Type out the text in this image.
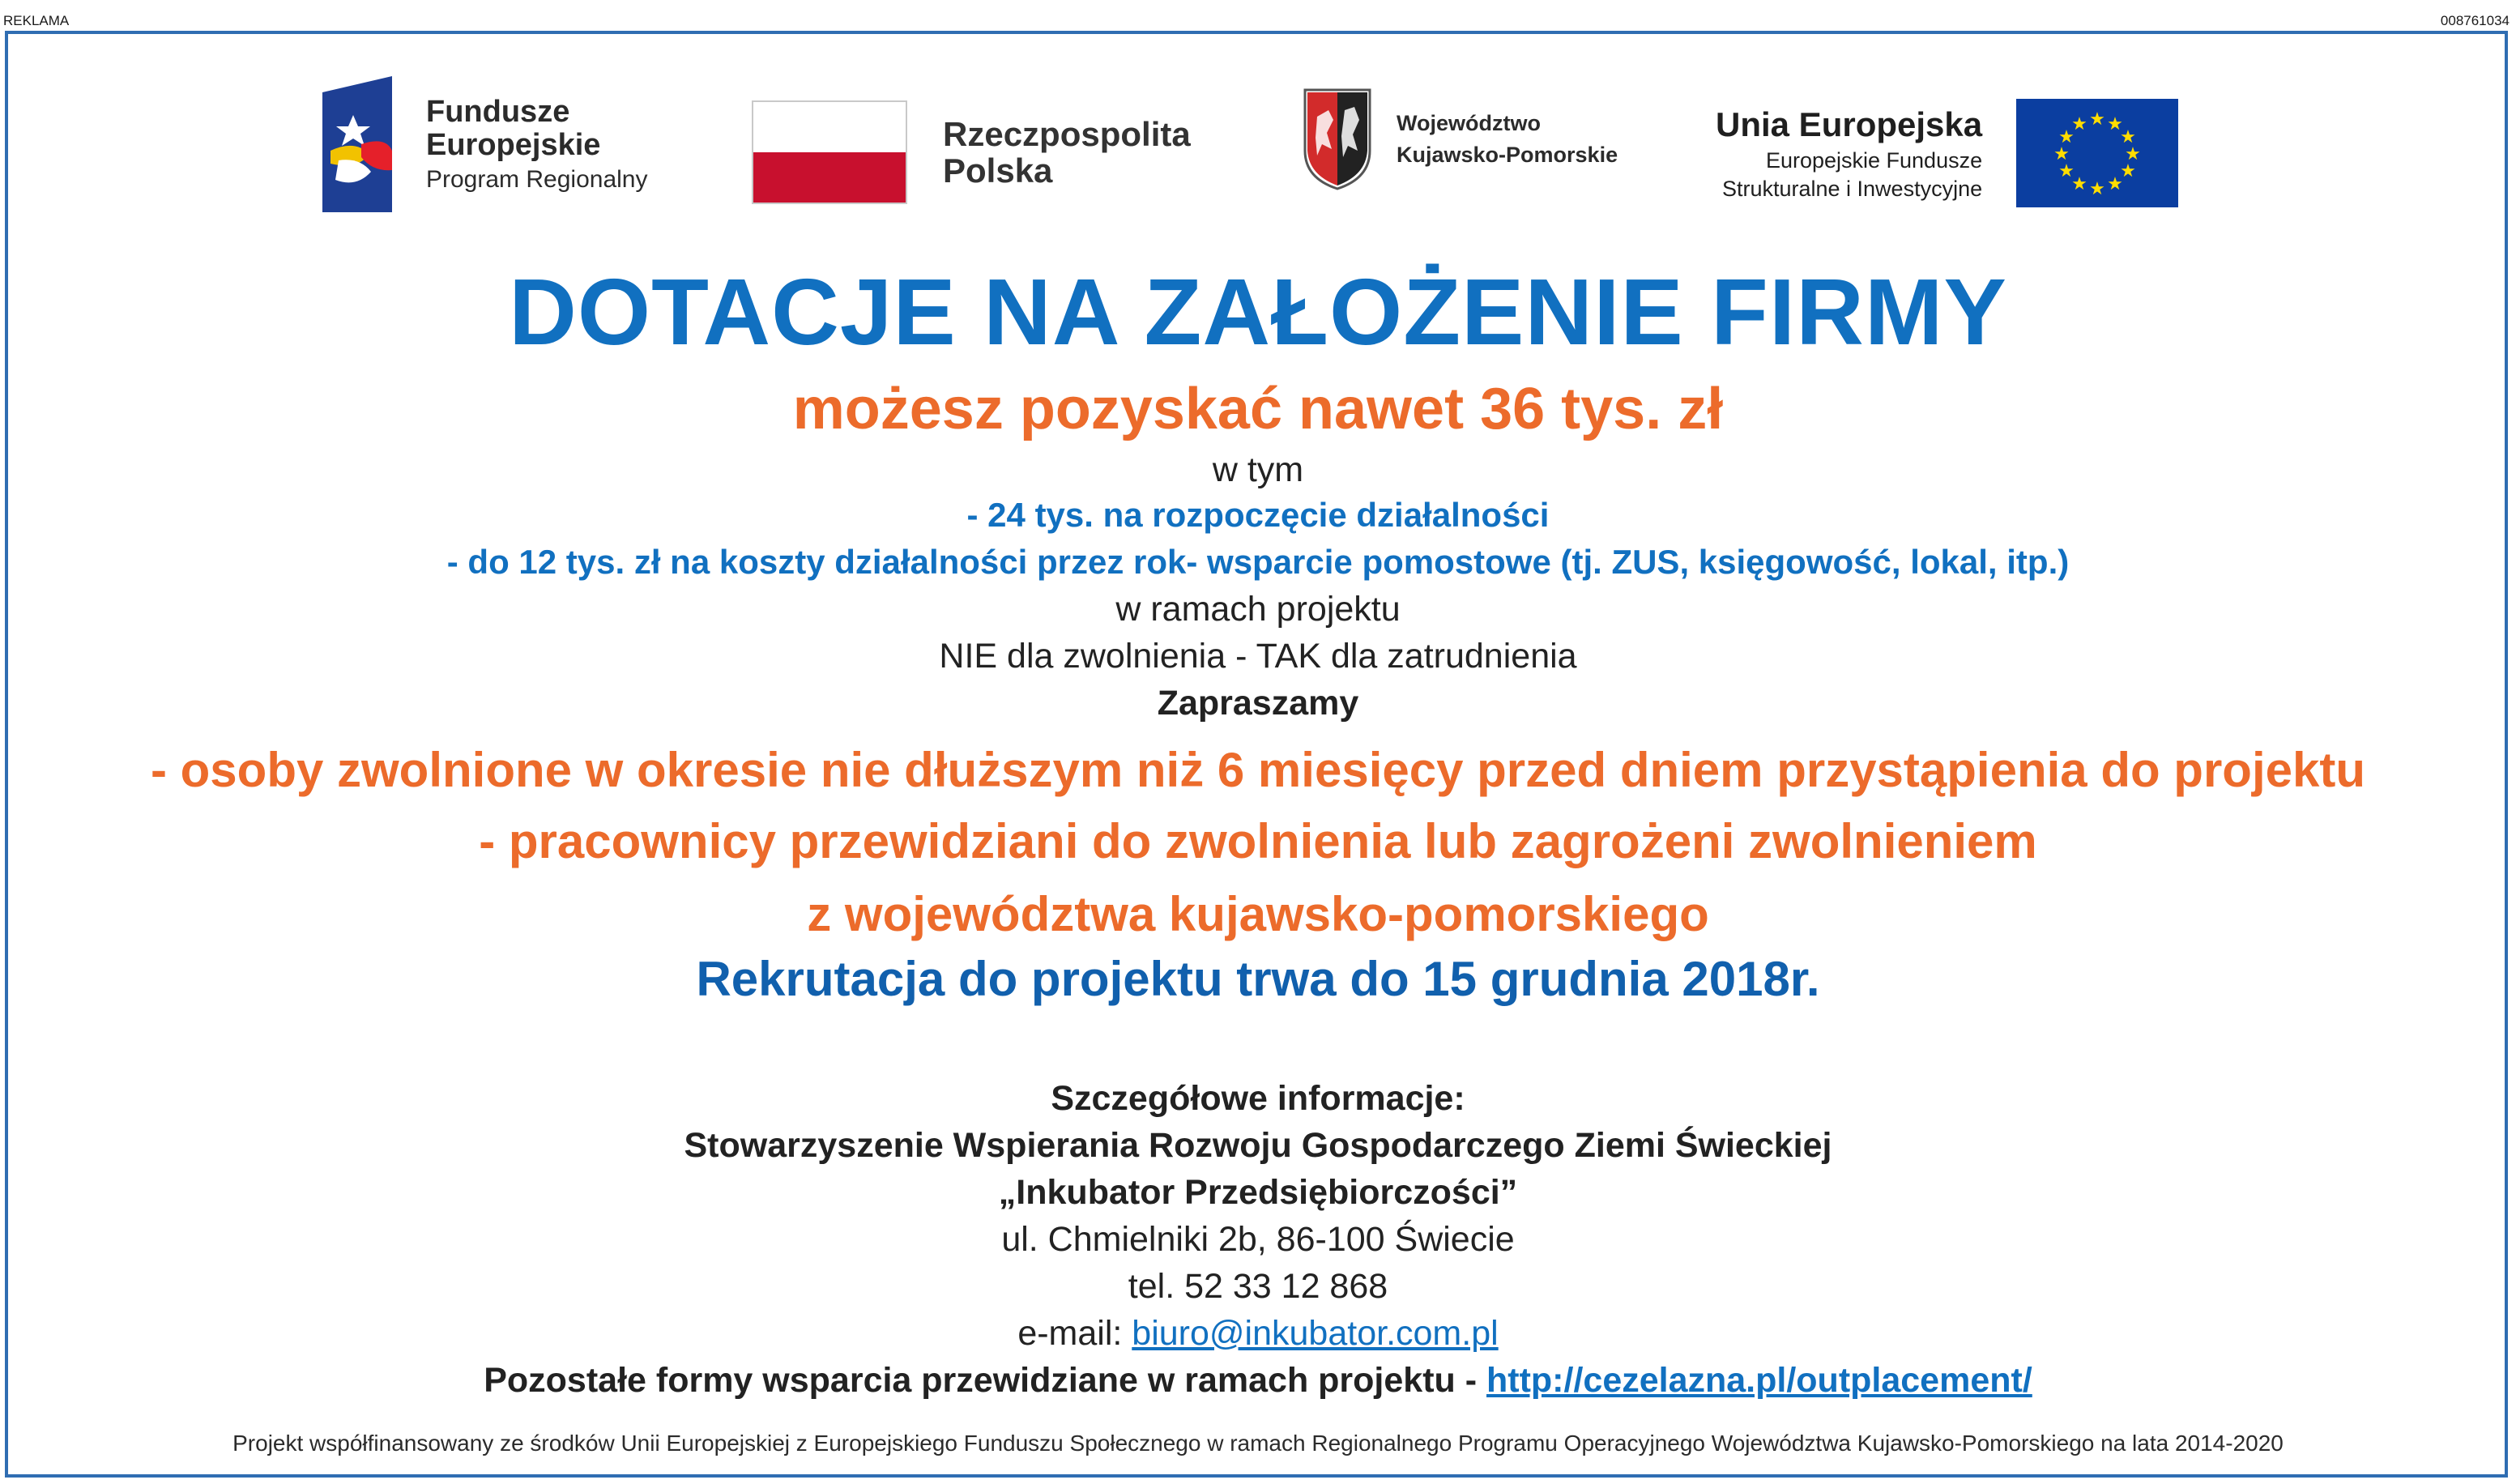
REKLAMA	008761034
Fundusze
Europejskie
Program Regionalny
Rzeczpospolita
Polska
Województwo
Kujawsko-Pomorskie
Unia Europejska
Europejskie Fundusze
Strukturalne i Inwestycyjne
★ ★
★
★
★
★
★
★
★
★
★
★
DOTACJE NA ZAŁOŻENIE FIRMY
możesz pozyskać nawet 36 tys. zł
w tym
- 24 tys. na rozpoczęcie działalności
- do 12 tys. zł na koszty działalności przez rok- wsparcie pomostowe (tj. ZUS, księgowość, lokal, itp.)
w ramach projektu
NIE dla zwolnienia - TAK dla zatrudnienia
Zapraszamy
- osoby zwolnione w okresie nie dłuższym niż 6 miesięcy przed dniem przystąpienia do projektu
- pracownicy przewidziani do zwolnienia lub zagrożeni zwolnieniem
z województwa kujawsko-pomorskiego
Rekrutacja do projektu trwa do 15 grudnia 2018r.
Szczegółowe informacje:
Stowarzyszenie Wspierania Rozwoju Gospodarczego Ziemi Świeckiej
„Inkubator Przedsiębiorczości”
ul. Chmielniki 2b, 86-100 Świecie
tel. 52 33 12 868
e-mail: biuro@inkubator.com.pl
Pozostałe formy wsparcia przewidziane w ramach projektu - http://cezelazna.pl/outplacement/
Projekt współfinansowany ze środków Unii Europejskiej z Europejskiego Funduszu Społecznego w ramach Regionalnego Programu Operacyjnego Województwa Kujawsko-Pomorskiego na lata 2014-2020
